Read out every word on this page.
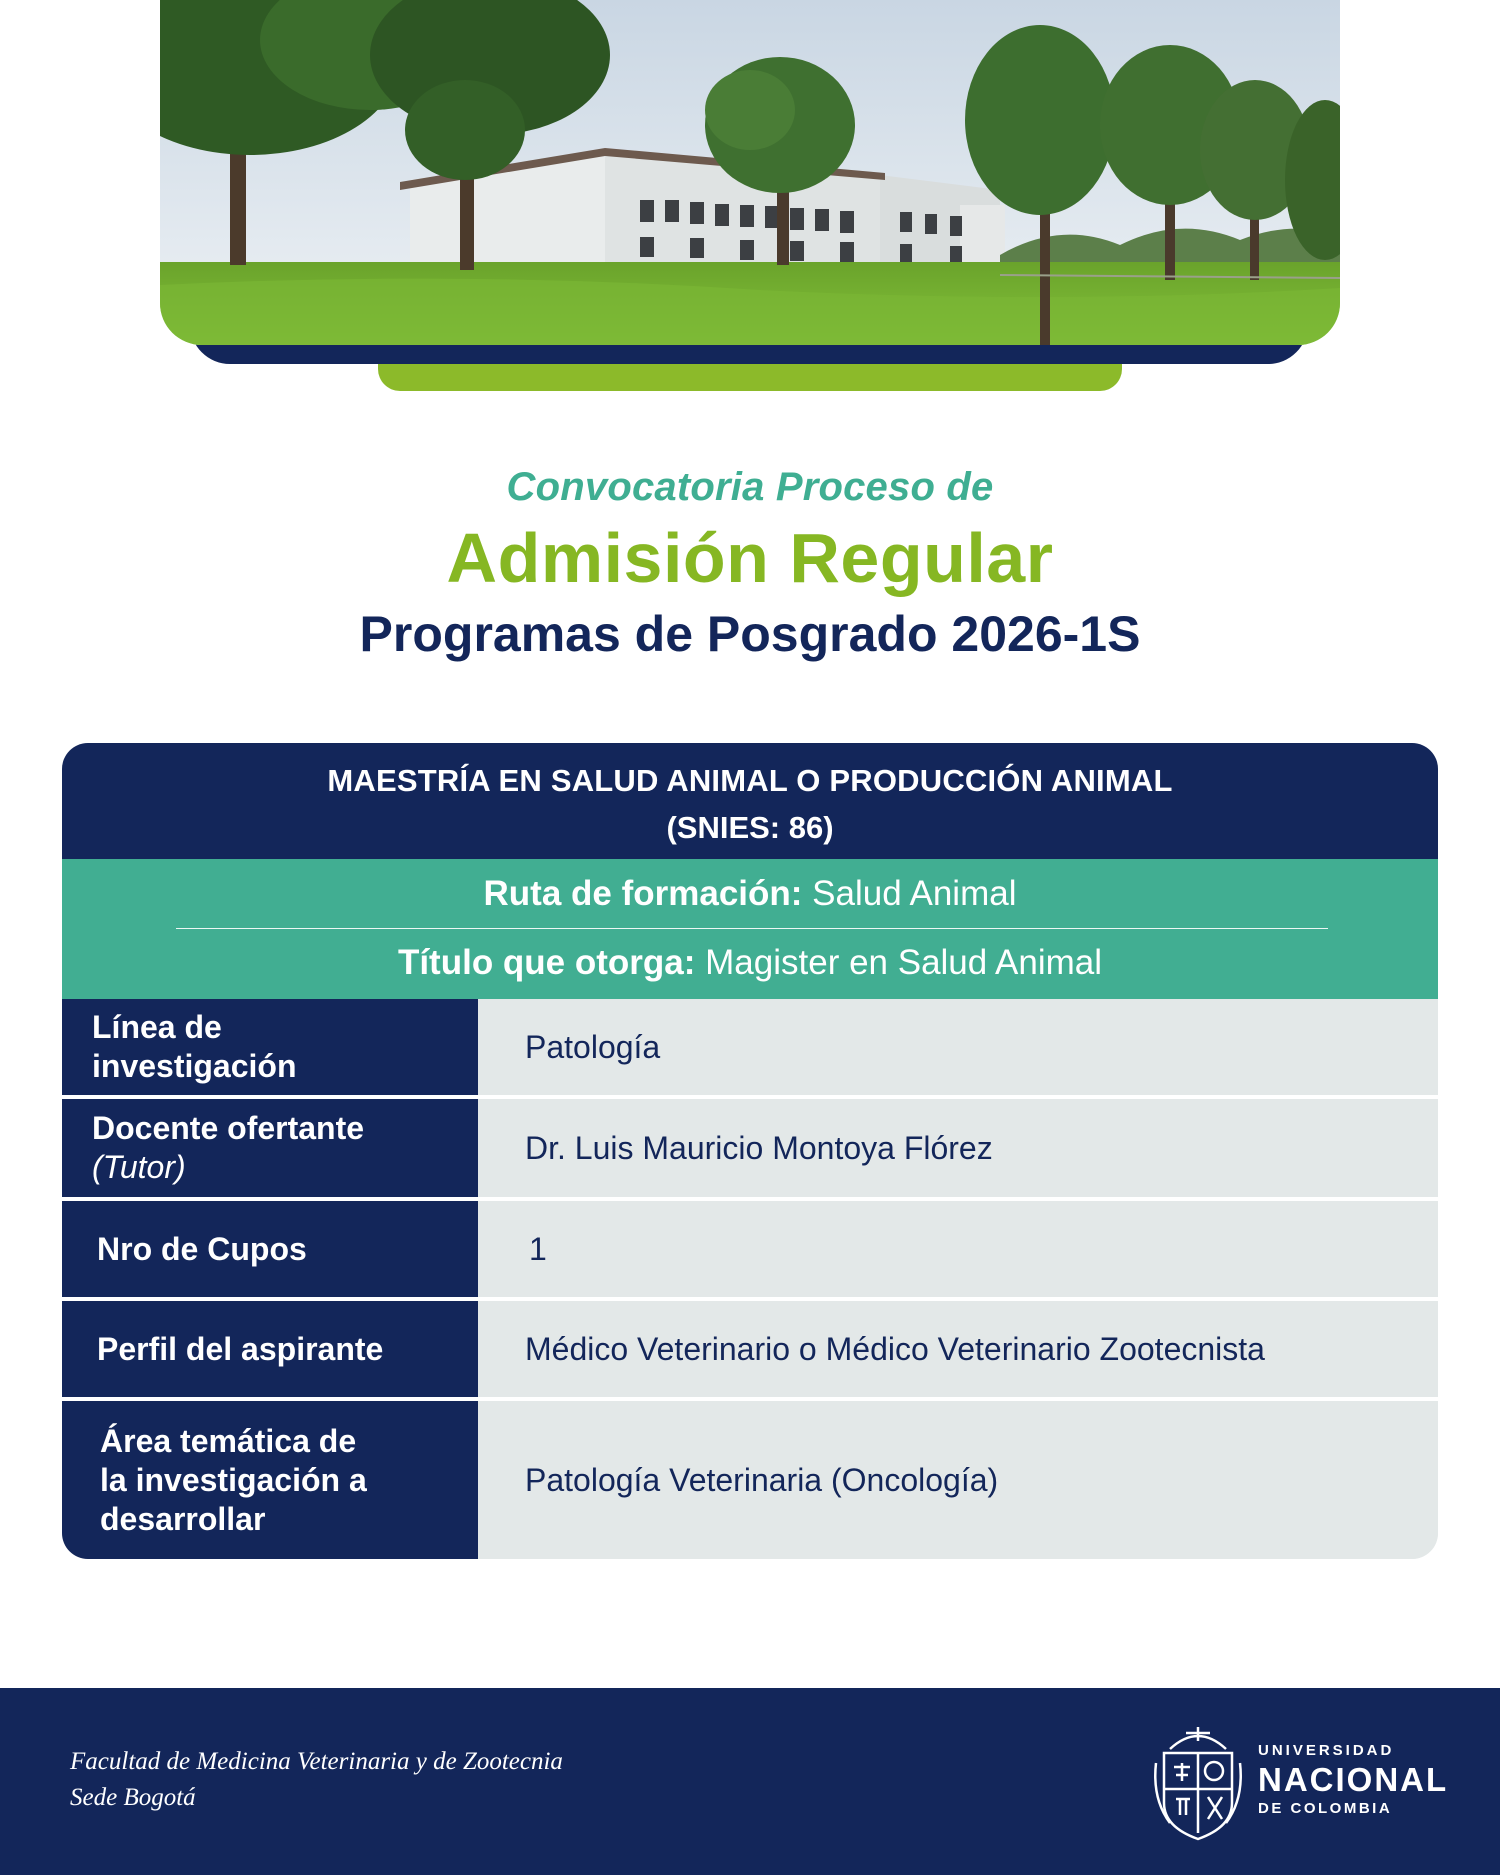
Convocatoria Proceso de
Admisión Regular
Programas de Posgrado 2026-1S
MAESTRÍA EN SALUD ANIMAL O PRODUCCIÓN ANIMAL
(SNIES: 86)
Ruta de formación: Salud Animal
Título que otorga: Magister en Salud Animal
Línea de investigación
Patología
Docente ofertante
(Tutor)
Dr. Luis Mauricio Montoya Flórez
Nro de Cupos	1
Perfil del aspirante	Médico Veterinario o Médico Veterinario Zootecnista
Área temática de la investigación a desarrollar
Patología Veterinaria (Oncología)
Facultad de Medicina Veterinaria y de Zootecnia
Sede Bogotá
UNIVERSIDAD
NACIONAL
DE COLOMBIA
